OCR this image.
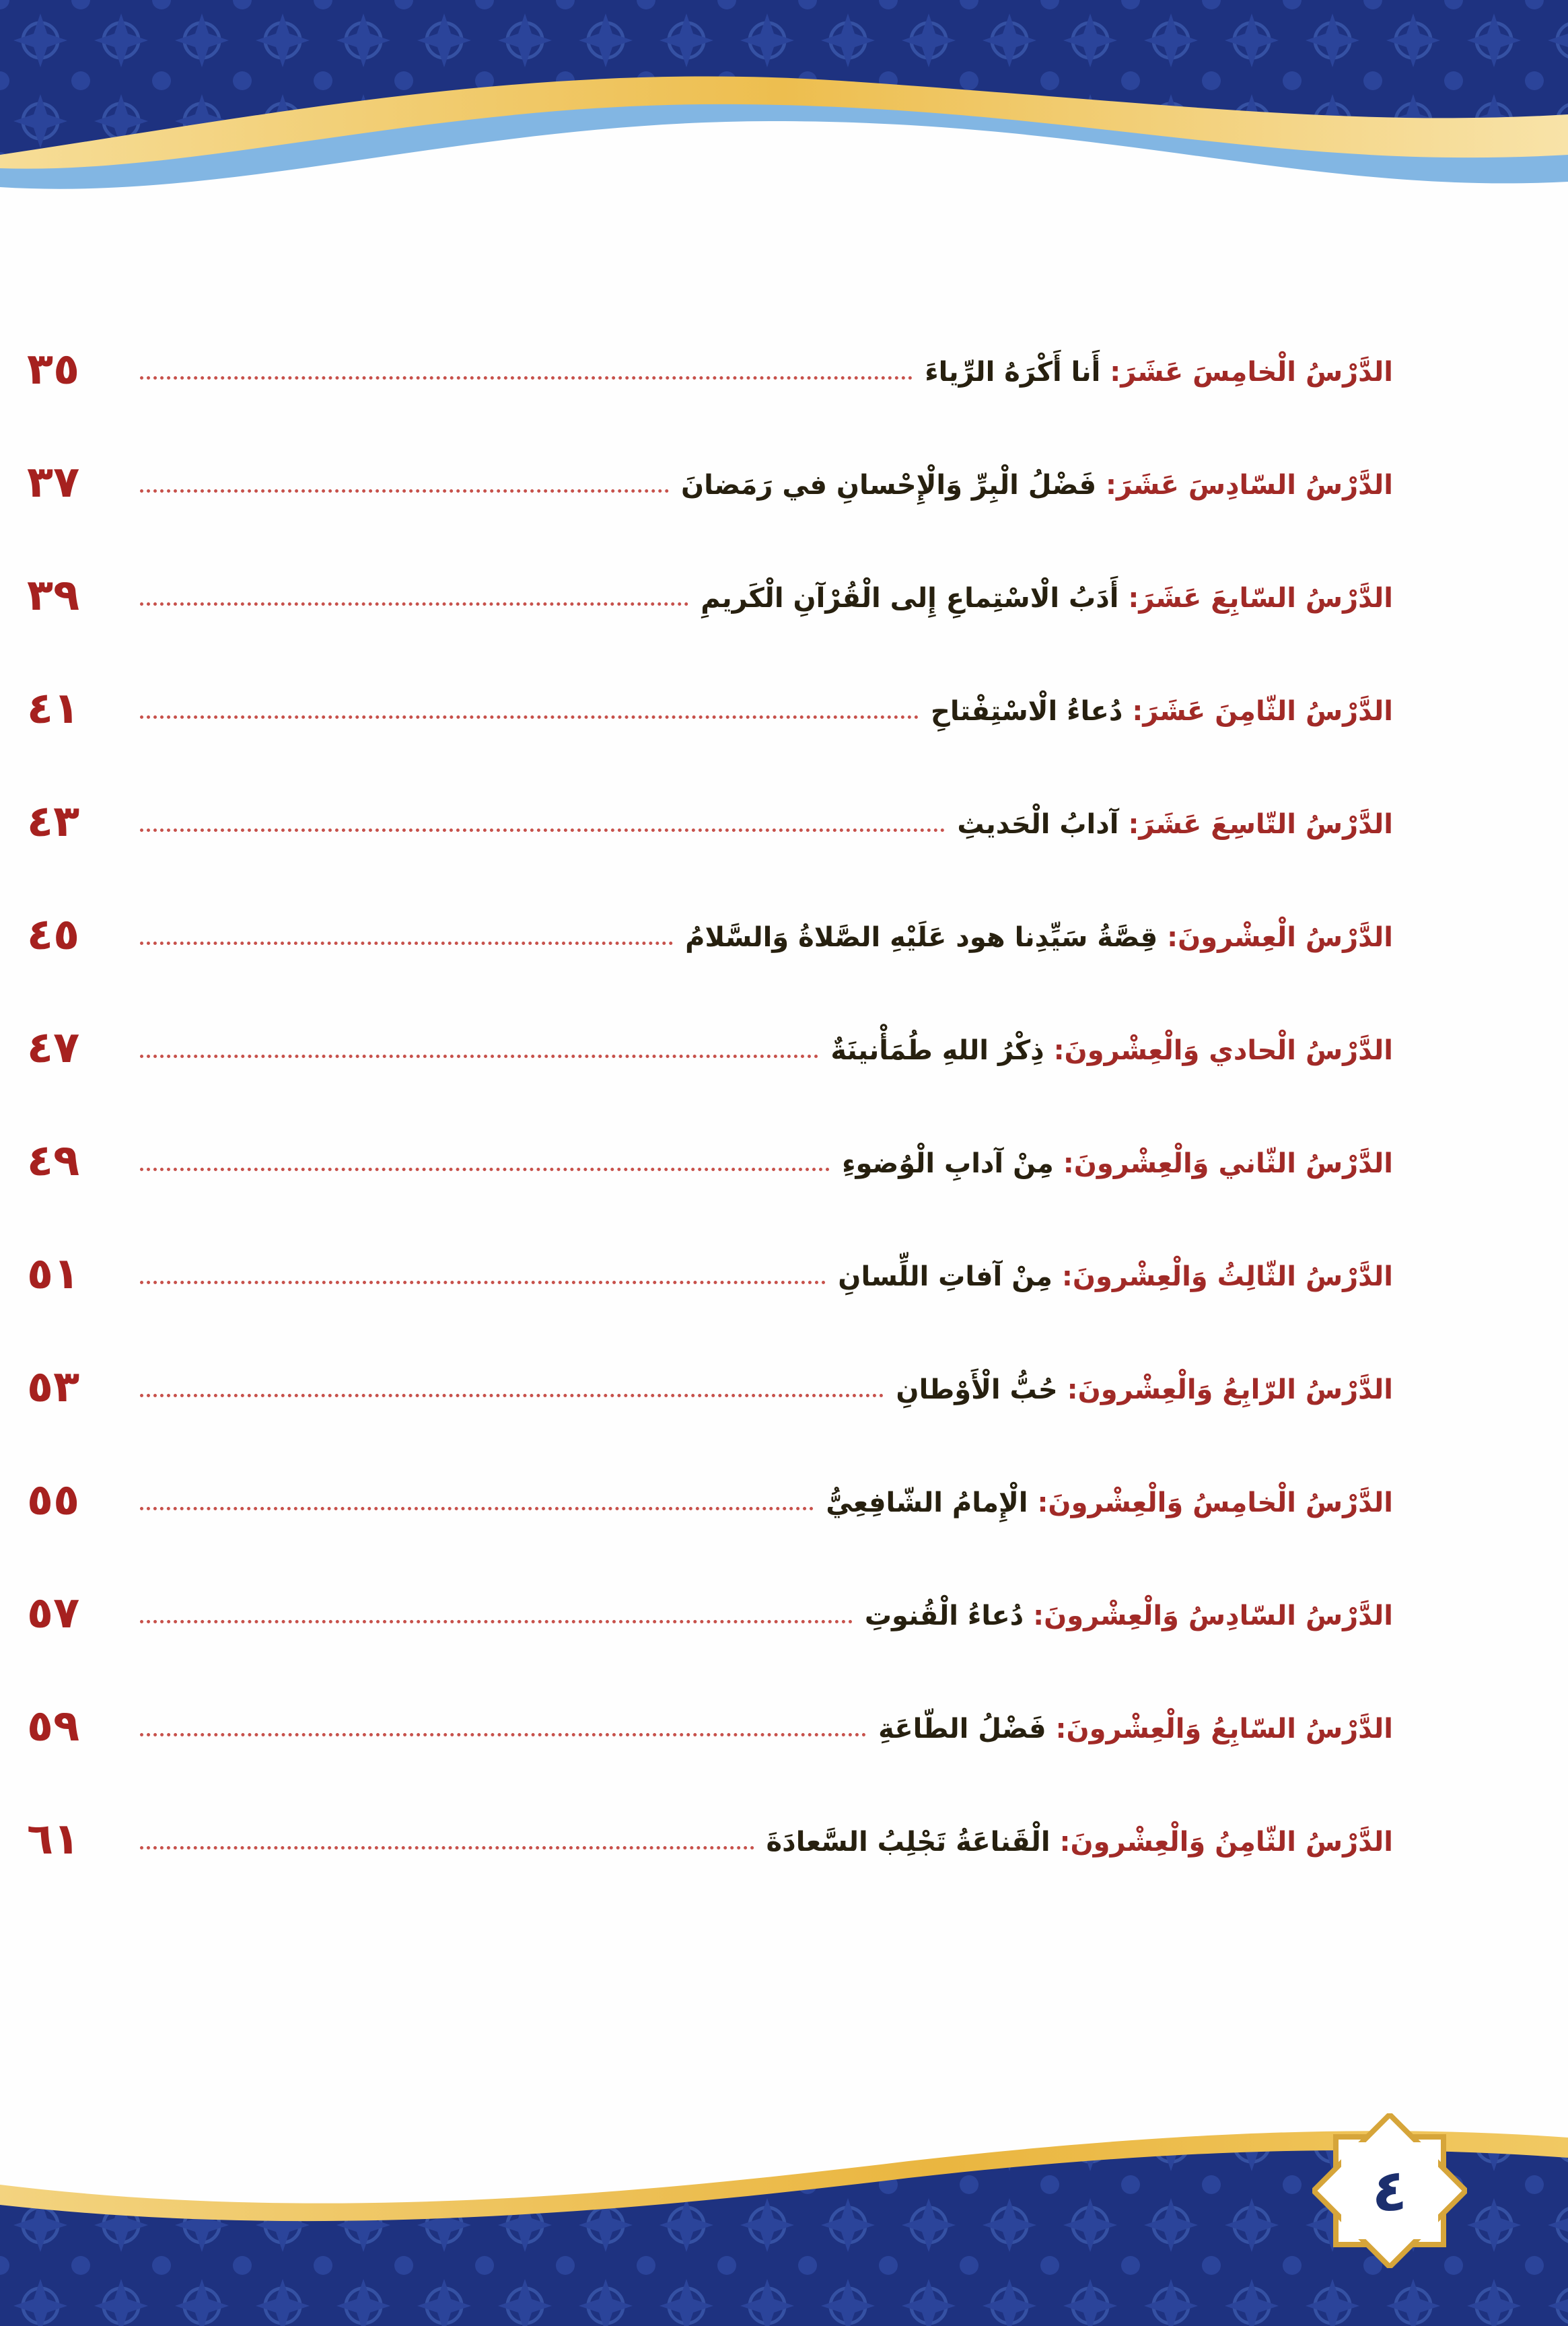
٣٥	الدَّرْسُ الْخامِسَ عَشَرَ: أَنا أَكْرَهُ الرِّياءَ
٣٧	الدَّرْسُ السّادِسَ عَشَرَ: فَضْلُ الْبِرِّ وَالْإِحْسانِ في رَمَضانَ
٣٩	الدَّرْسُ السّابِعَ عَشَرَ: أَدَبُ الْاسْتِماعِ إِلى الْقُرْآنِ الْكَريمِ
٤١	الدَّرْسُ الثّامِنَ عَشَرَ: دُعاءُ الْاسْتِفْتاحِ
٤٣	الدَّرْسُ التّاسِعَ عَشَرَ: آدابُ الْحَديثِ
٤٥	الدَّرْسُ الْعِشْرونَ: قِصَّةُ سَيِّدِنا هود عَلَيْهِ الصَّلاةُ وَالسَّلامُ
٤٧	الدَّرْسُ الْحادي وَالْعِشْرونَ: ذِكْرُ اللهِ طُمَأْنينَةٌ
٤٩	الدَّرْسُ الثّاني وَالْعِشْرونَ: مِنْ آدابِ الْوُضوءِ
٥١	الدَّرْسُ الثّالِثُ وَالْعِشْرونَ: مِنْ آفاتِ اللِّسانِ
٥٣	الدَّرْسُ الرّابِعُ وَالْعِشْرونَ: حُبُّ الْأَوْطانِ
٥٥	الدَّرْسُ الْخامِسُ وَالْعِشْرونَ: الْإِمامُ الشّافِعِيُّ
٥٧	الدَّرْسُ السّادِسُ وَالْعِشْرونَ: دُعاءُ الْقُنوتِ
٥٩	الدَّرْسُ السّابِعُ وَالْعِشْرونَ: فَضْلُ الطّاعَةِ
٦١	الدَّرْسُ الثّامِنُ وَالْعِشْرونَ: الْقَناعَةُ تَجْلِبُ السَّعادَةَ
٤
